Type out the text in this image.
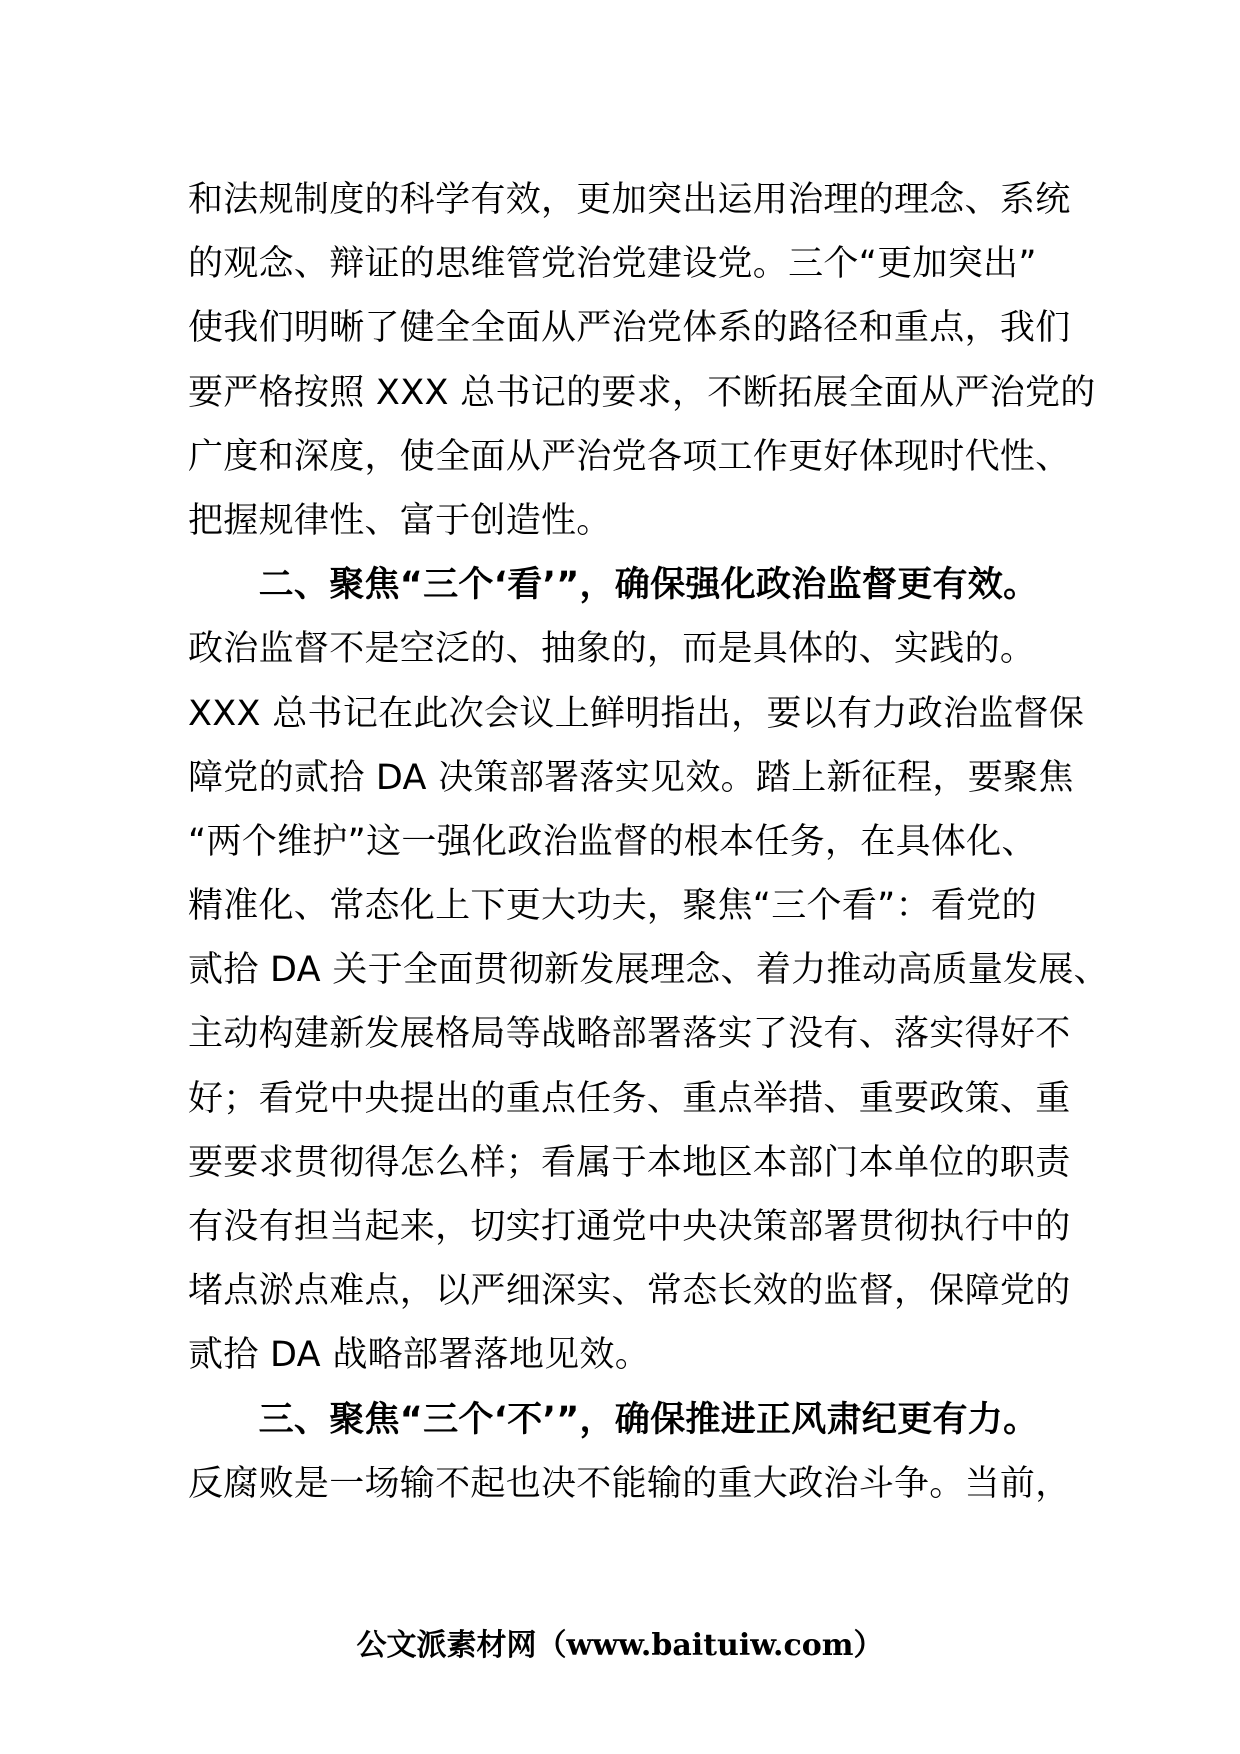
和法规制度的科学有效，更加突出运用治理的理念、系统
的观念、辩证的思维管党治党建设党。三个“更加突出”
使我们明晰了健全全面从严治党体系的路径和重点，我们
要严格按照 XXX 总书记的要求，不断拓展全面从严治党的
广度和深度，使全面从严治党各项工作更好体现时代性、
把握规律性、富于创造性。
　　二、聚焦“三个‘看’”，确保强化政治监督更有效。
政治监督不是空泛的、抽象的，而是具体的、实践的。
XXX 总书记在此次会议上鲜明指出，要以有力政治监督保
障党的贰拾 DA 决策部署落实见效。踏上新征程，要聚焦
“两个维护”这一强化政治监督的根本任务，在具体化、
精准化、常态化上下更大功夫，聚焦“三个看”：看党的
贰拾 DA 关于全面贯彻新发展理念、着力推动高质量发展、
主动构建新发展格局等战略部署落实了没有、落实得好不
好；看党中央提出的重点任务、重点举措、重要政策、重
要要求贯彻得怎么样；看属于本地区本部门本单位的职责
有没有担当起来，切实打通党中央决策部署贯彻执行中的
堵点淤点难点，以严细深实、常态长效的监督，保障党的
贰拾 DA 战略部署落地见效。
　　三、聚焦“三个‘不’”，确保推进正风肃纪更有力。
反腐败是一场输不起也决不能输的重大政治斗争。当前，
公文派素材网（www.baituiw.com）
